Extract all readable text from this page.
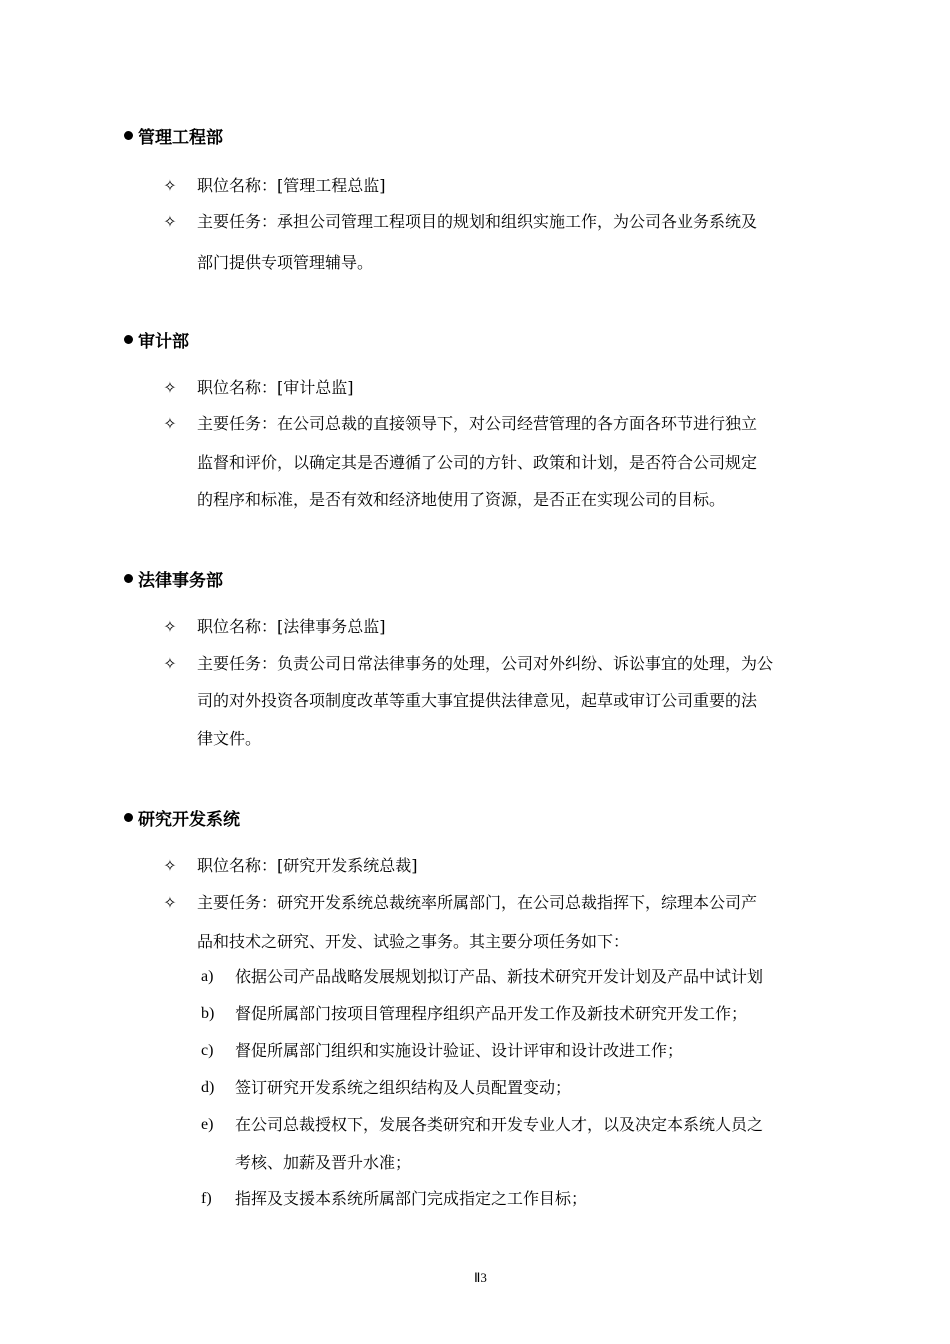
管理工程部
✧ 职位名称：[管理工程总监]
✧ 主要任务：承担公司管理工程项目的规划和组织实施工作，为公司各业务系统及
部门提供专项管理辅导。
审计部
✧ 职位名称：[审计总监]
✧ 主要任务：在公司总裁的直接领导下，对公司经营管理的各方面各环节进行独立
监督和评价，以确定其是否遵循了公司的方针、政策和计划，是否符合公司规定
的程序和标准，是否有效和经济地使用了资源，是否正在实现公司的目标。
法律事务部
✧ 职位名称：[法律事务总监]
✧ 主要任务：负责公司日常法律事务的处理，公司对外纠纷、诉讼事宜的处理，为公
司的对外投资各项制度改革等重大事宜提供法律意见，起草或审订公司重要的法
律文件。
研究开发系统
✧ 职位名称：[研究开发系统总裁]
✧ 主要任务：研究开发系统总裁统率所属部门，在公司总裁指挥下，综理本公司产
品和技术之研究、开发、试验之事务。其主要分项任务如下：
a) 依据公司产品战略发展规划拟订产品、新技术研究开发计划及产品中试计划
b) 督促所属部门按项目管理程序组织产品开发工作及新技术研究开发工作；
c) 督促所属部门组织和实施设计验证、设计评审和设计改进工作；
d) 签订研究开发系统之组织结构及人员配置变动；
e) 在公司总裁授权下，发展各类研究和开发专业人才，以及决定本系统人员之
考核、加薪及晋升水准；
f) 指挥及支援本系统所属部门完成指定之工作目标；
Ⅱ3
